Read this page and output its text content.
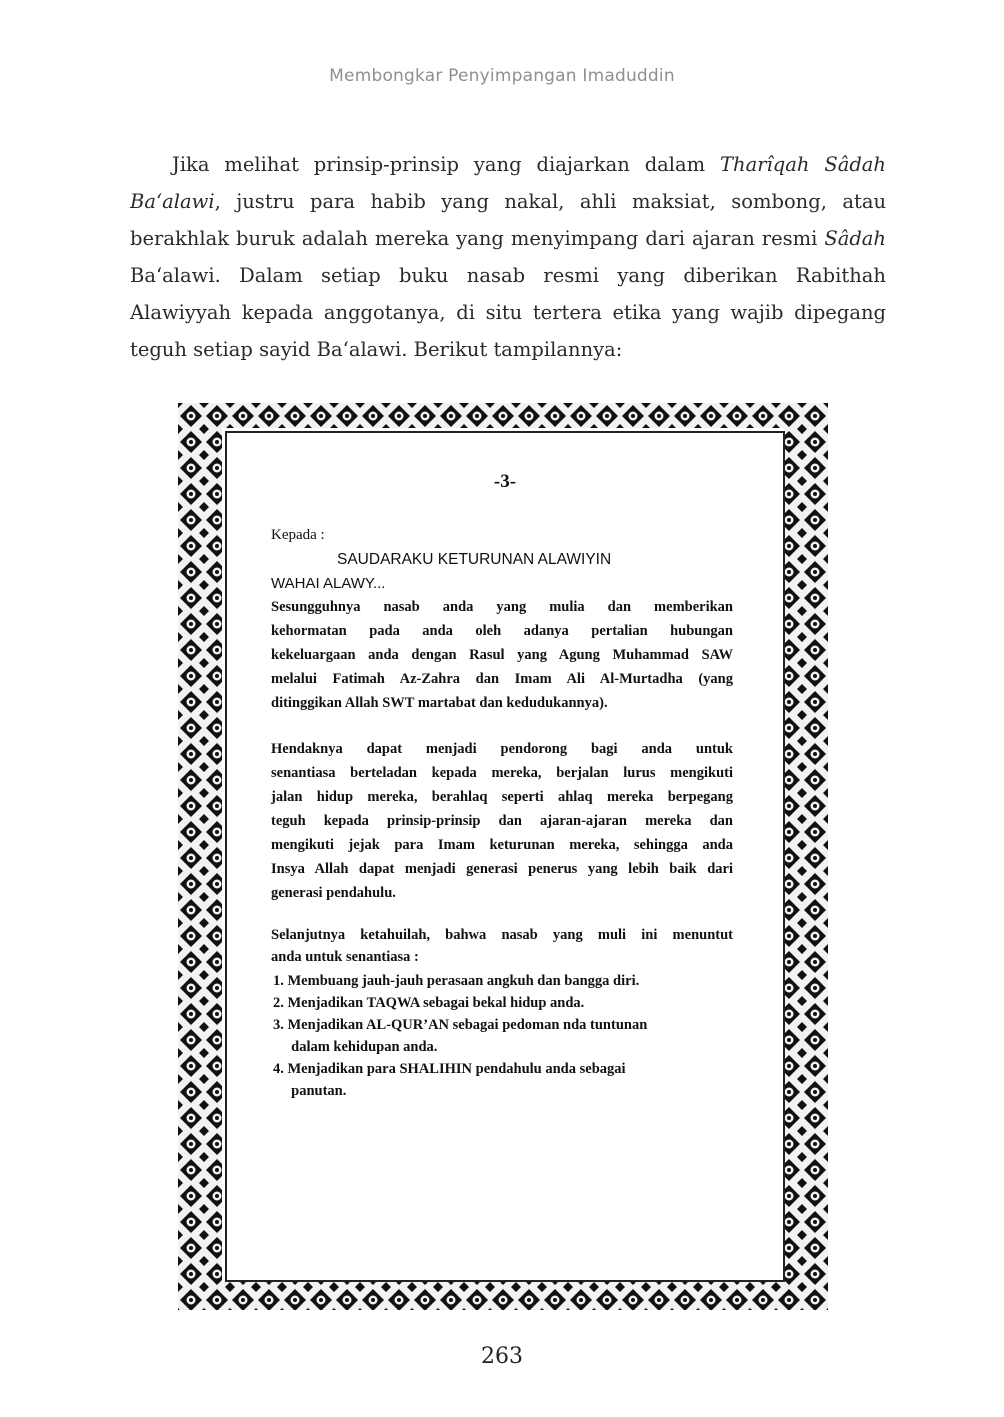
Membongkar Penyimpangan Imaduddin

Jika melihat prinsip-prinsip yang diajarkan dalam Tharîqah Sâdah Ba‘alawi, justru para habib yang nakal, ahli maksiat, sombong, atau berakhlak buruk adalah mereka yang menyimpang dari ajaran resmi Sâdah Ba‘alawi. Dalam setiap buku nasab resmi yang diberikan Rabithah Alawiyyah kepada anggotanya, di situ tertera etika yang wajib dipegang teguh setiap sayid Ba‘alawi. Berikut tampilannya:

-3-
Kepada :
SAUDARAKU KETURUNAN ALAWIYIN
WAHAI ALAWY...
Sesungguhnya nasab anda yang mulia dan memberikan
kehormatan pada anda oleh adanya pertalian hubungan
kekeluargaan anda dengan Rasul yang Agung Muhammad SAW
melalui Fatimah Az-Zahra dan Imam Ali Al-Murtadha (yang
ditinggikan Allah SWT martabat dan kedudukannya).
Hendaknya dapat menjadi pendorong bagi anda untuk
senantiasa berteladan kepada mereka, berjalan lurus mengikuti
jalan hidup mereka, berahlaq seperti ahlaq mereka berpegang
teguh kepada prinsip-prinsip dan ajaran-ajaran mereka dan
mengikuti jejak para Imam keturunan mereka, sehingga anda
Insya Allah dapat menjadi generasi penerus yang lebih baik dari
generasi pendahulu.
Selanjutnya ketahuilah, bahwa nasab yang muli ini menuntut
anda untuk senantiasa :
1. Membuang jauh-jauh perasaan angkuh dan bangga diri.
2. Menjadikan TAQWA sebagai bekal hidup anda.
3. Menjadikan AL-QUR’AN sebagai pedoman nda tuntunan
dalam kehidupan anda.
4. Menjadikan para SHALIHIN pendahulu anda sebagai
panutan.
263
